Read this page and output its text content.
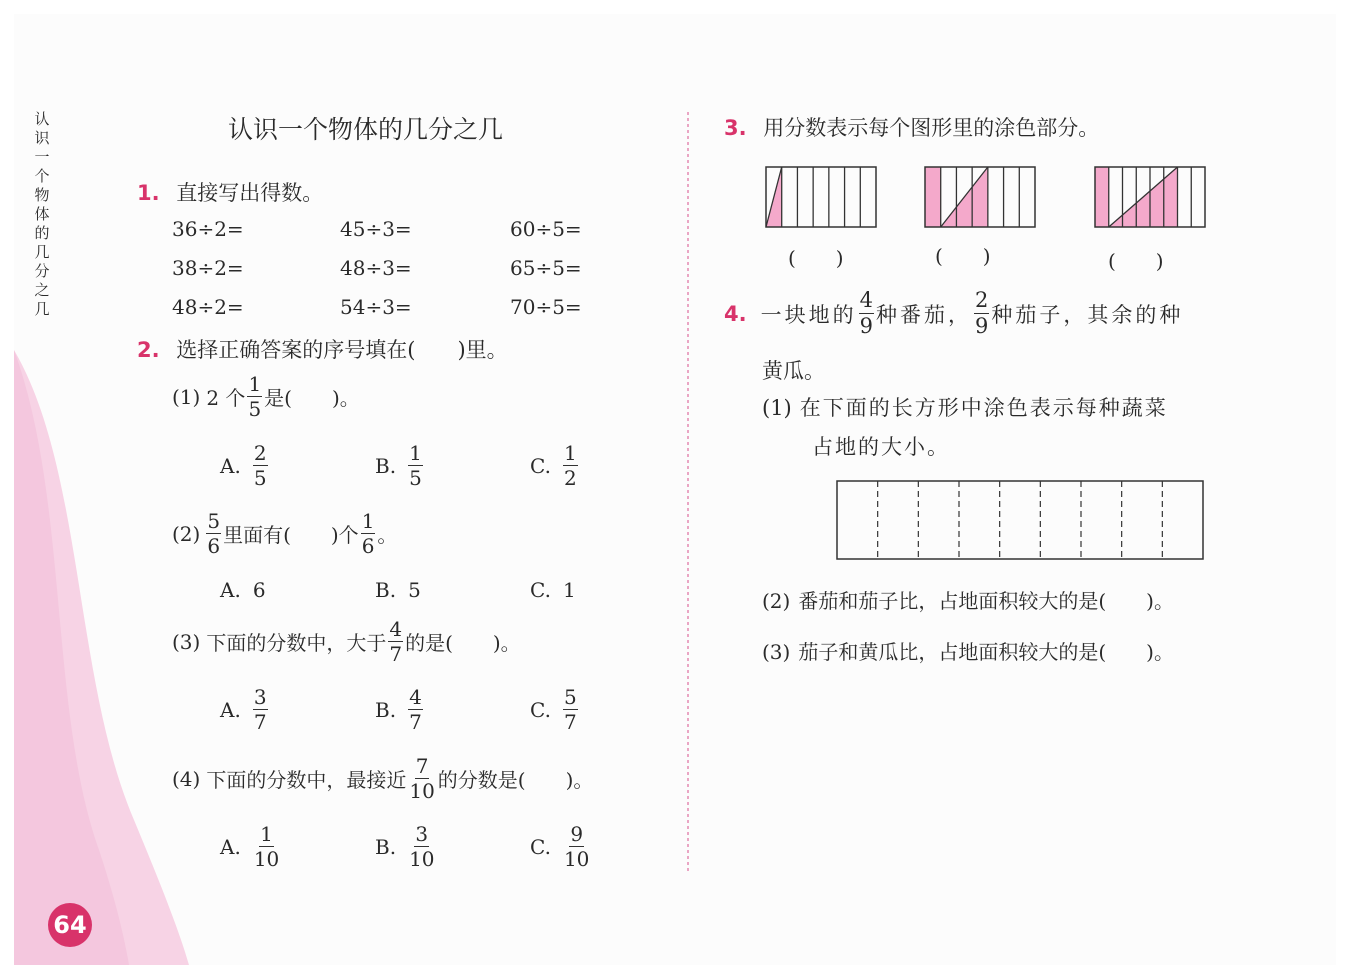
64
认识一个物体的几分之几
认识一个物体的几分之几
1. 直接写出得数。
36÷2=	45÷3=	60÷5=
38÷2=	48÷3=	65÷5=
48÷2=	54÷3=	70÷5=
2. 选择正确答案的序号填在(　　)里。
(1) 2 个 $\frac{1}{5}$ 是(　　)。
A. $\frac{2}{5}$	B. $\frac{1}{5}$	C. $\frac{1}{2}$
$(2) \frac{5}{6}$ 里面有(　　)个 $\frac{1}{6}$ 。
A. 6	B. 5	C. 1
(3) 下面的分数中，大于 $\frac{4}{7}$ 的是(　　)。
A. $\frac{3}{7}$	B. $\frac{4}{7}$	C. $\frac{5}{7}$
(4) 下面的分数中，最接近 $\frac{7}{10}$ 的分数是(　　)。
A. $\frac{1}{10}$	B. $\frac{3}{10}$	C. $\frac{9}{10}$
3. 用分数表示每个图形里的涂色部分。
(　　)	(　　)	(　　)
4. 一块地的 $\frac{4}{9}$ 种番茄， $\frac{2}{9}$ 种茄子，其余的种
黄瓜。
(1) 在下面的长方形中涂色表示每种蔬菜
占地的大小。
(2) 番茄和茄子比，占地面积较大的是(　　)。
(3) 茄子和黄瓜比，占地面积较大的是(　　)。
